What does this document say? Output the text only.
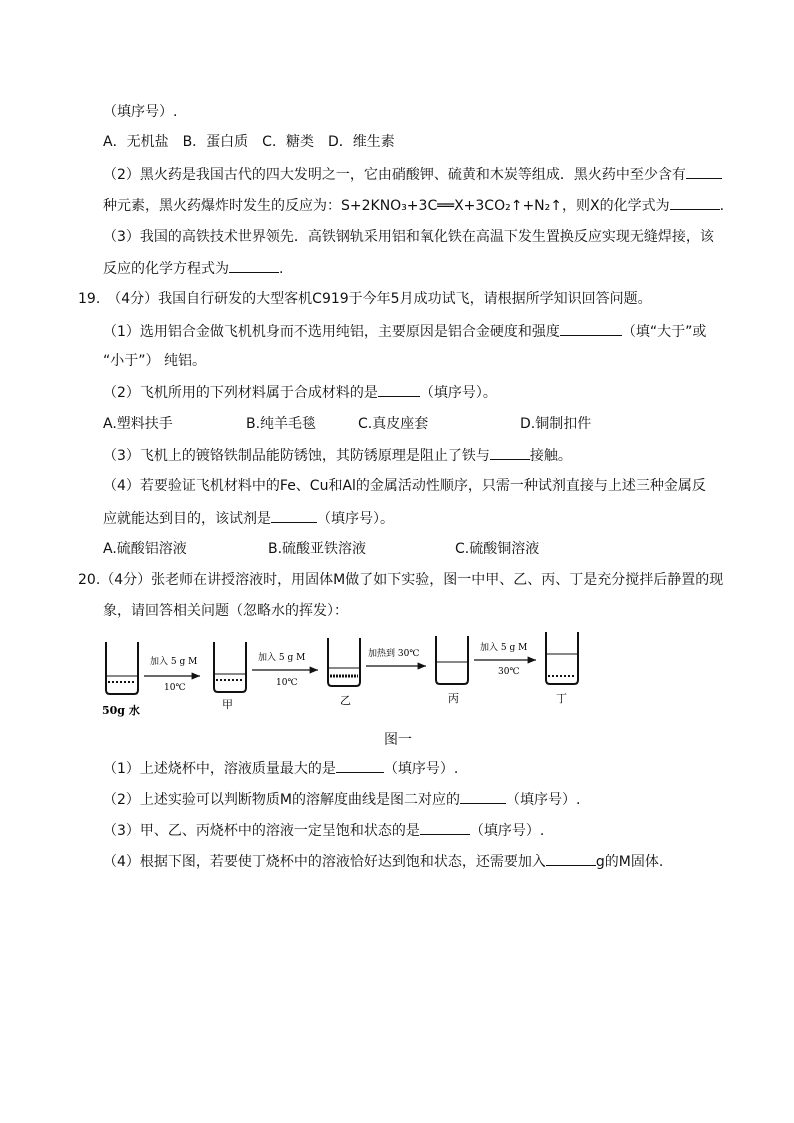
（填序号）.
A．无机盐　B．蛋白质　C．糖类　D．维生素
（2）黑火药是我国古代的四大发明之一，它由硝酸钾、硫黄和木炭等组成．黑火药中至少含有
种元素，黑火药爆炸时发生的反应为：S+2KNO₃+3C══X+3CO₂↑+N₂↑，则X的化学式为	.
（3）我国的高铁技术世界领先．高铁钢轨采用铝和氧化铁在高温下发生置换反应实现无缝焊接，该
反应的化学方程式为	.
19.　（4分）我国自行研发的大型客机C919于今年5月成功试飞，请根据所学知识回答问题。
（1）选用铝合金做飞机机身而不选用纯铝，主要原因是铝合金硬度和强度	（填“大于”或
“小于”） 纯铝。
（2）飞机所用的下列材料属于合成材料的是	（填序号）。
A.塑料扶手	B.纯羊毛毯	C.真皮座套	D.铜制扣件
（3）飞机上的镀铬铁制品能防锈蚀，其防锈原理是阻止了铁与	接触。
（4）若要验证飞机材料中的Fe、Cu和Al的金属活动性顺序，只需一种试剂直接与上述三种金属反
应就能达到目的，该试剂是	（填序号）。
A.硫酸铝溶液	B.硫酸亚铁溶液	C.硫酸铜溶液
20.（4分）张老师在讲授溶液时，用固体M做了如下实验，图一中甲、乙、丙、丁是充分搅拌后静置的现
象，请回答相关问题（忽略水的挥发）：
50g 水
加入 5 g M
10℃
甲
加入 5 g M
10℃
乙
加热到 30℃
丙
加入 5 g M
30℃
丁
图一
（1）上述烧杯中，溶液质量最大的是	（填序号）.
（2）上述实验可以判断物质M的溶解度曲线是图二对应的	（填序号）.
（3）甲、乙、丙烧杯中的溶液一定呈饱和状态的是	（填序号）.
（4）根据下图，若要使丁烧杯中的溶液恰好达到饱和状态，还需要加入	g的M固体.
